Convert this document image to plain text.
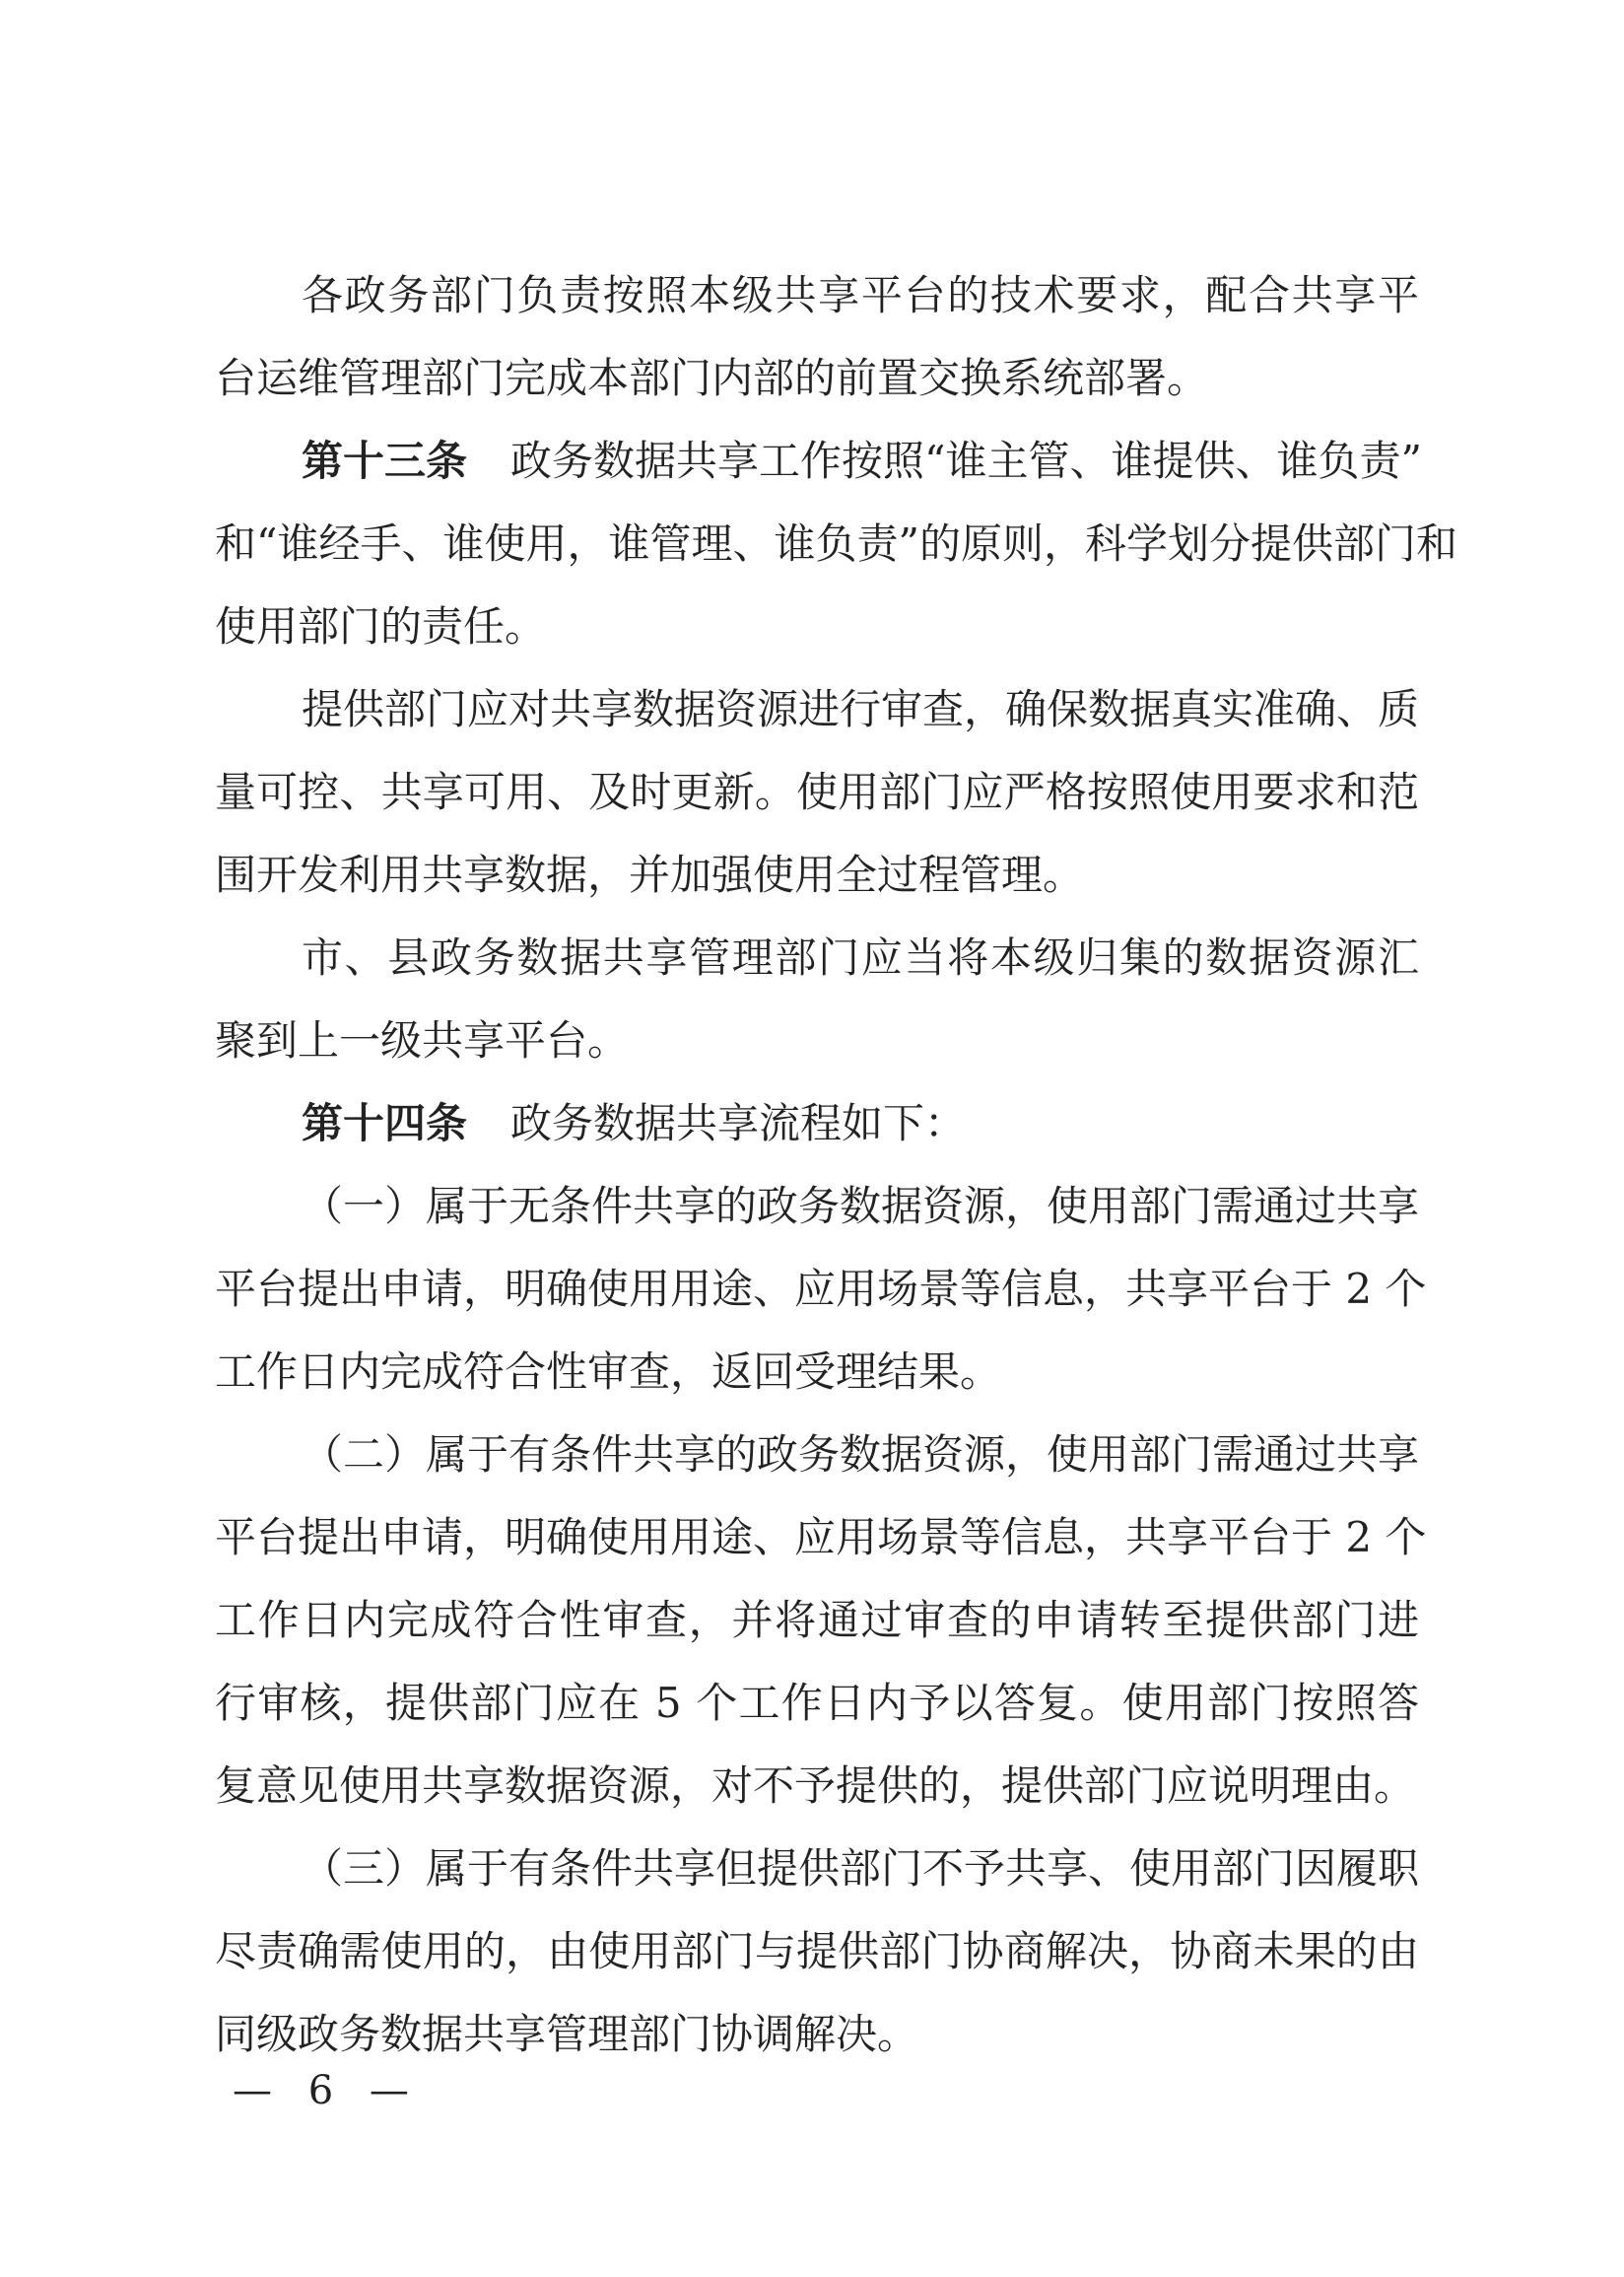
各政务部门负责按照本级共享平台的技术要求，配合共享平
台运维管理部门完成本部门内部的前置交换系统部署。
第十三条 政务数据共享工作按照“谁主管、谁提供、谁负责”
和“谁经手、谁使用，谁管理、谁负责”的原则，科学划分提供部门和
使用部门的责任。
提供部门应对共享数据资源进行审查，确保数据真实准确、质
量可控、共享可用、及时更新。使用部门应严格按照使用要求和范
围开发利用共享数据，并加强使用全过程管理。
市、县政务数据共享管理部门应当将本级归集的数据资源汇
聚到上一级共享平台。
第十四条 政务数据共享流程如下：
（一）属于无条件共享的政务数据资源，使用部门需通过共享
平台提出申请，明确使用用途、应用场景等信息，共享平台于 2 个
工作日内完成符合性审查，返回受理结果。
（二）属于有条件共享的政务数据资源，使用部门需通过共享
平台提出申请，明确使用用途、应用场景等信息，共享平台于 2 个
工作日内完成符合性审查，并将通过审查的申请转至提供部门进
行审核，提供部门应在 5 个工作日内予以答复。使用部门按照答
复意见使用共享数据资源，对不予提供的，提供部门应说明理由。
（三）属于有条件共享但提供部门不予共享、使用部门因履职
尽责确需使用的，由使用部门与提供部门协商解决，协商未果的由
同级政务数据共享管理部门协调解决。
— 6 —
